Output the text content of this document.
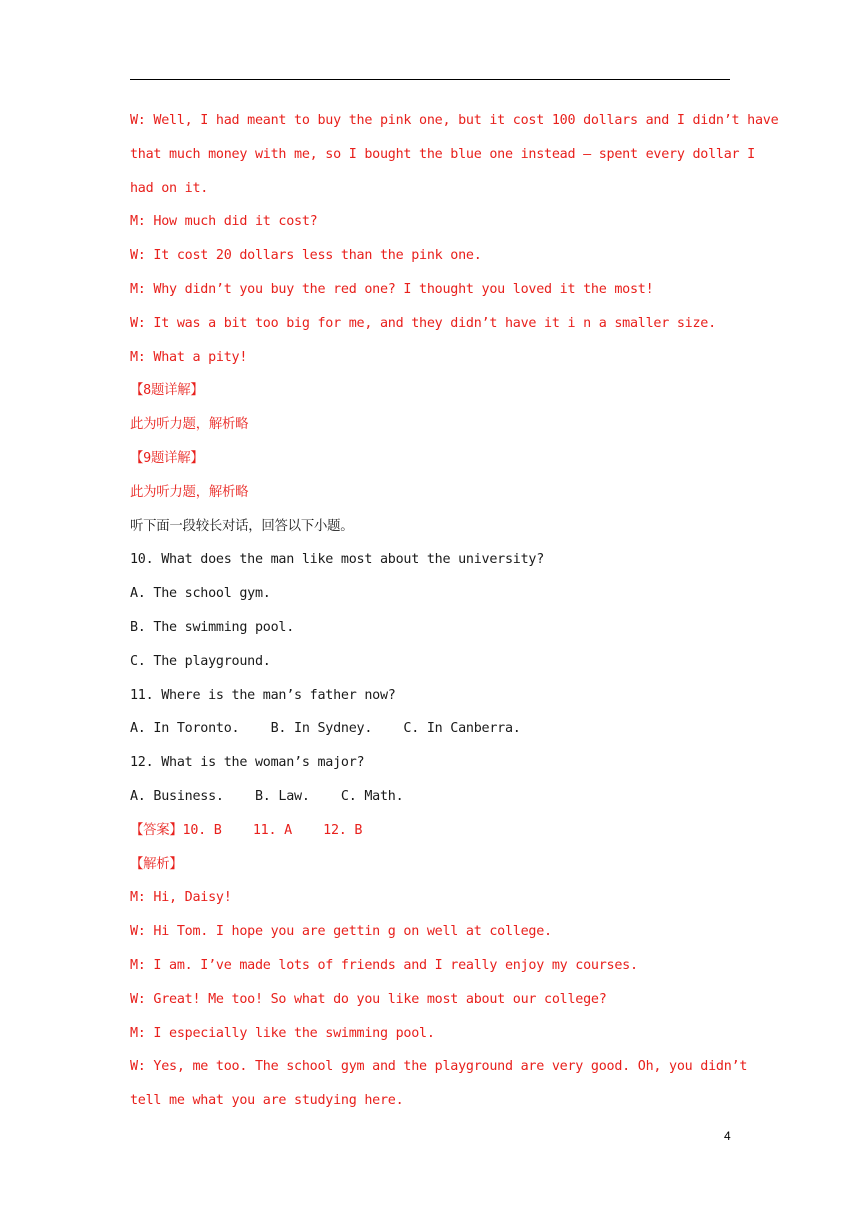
W: Well, I had meant to buy the pink one, but it cost 100 dollars and I didn’t have
that much money with me, so I bought the blue one instead — spent every dollar I
had on it.
M: How much did it cost?
W: It cost 20 dollars less than the pink one.
M: Why didn’t you buy the red one? I thought you loved it the most!
W: It was a bit too big for me, and they didn’t have it i n a smaller size.
M: What a pity!
【8题详解】
此为听力题，解析略
【9题详解】
此为听力题，解析略
听下面一段较长对话，回答以下小题。
10. What does the man like most about the university?
A. The school gym.
B. The swimming pool.
C. The playground.
11. Where is the man’s father now?
A. In Toronto.    B. In Sydney.    C. In Canberra.
12. What is the woman’s major?
A. Business.    B. Law.    C. Math.
【答案】10. B    11. A    12. B
【解析】
M: Hi, Daisy!
W: Hi Tom. I hope you are gettin g on well at college.
M: I am. I’ve made lots of friends and I really enjoy my courses.
W: Great! Me too! So what do you like most about our college?
M: I especially like the swimming pool.
W: Yes, me too. The school gym and the playground are very good. Oh, you didn’t
tell me what you are studying here.
4
